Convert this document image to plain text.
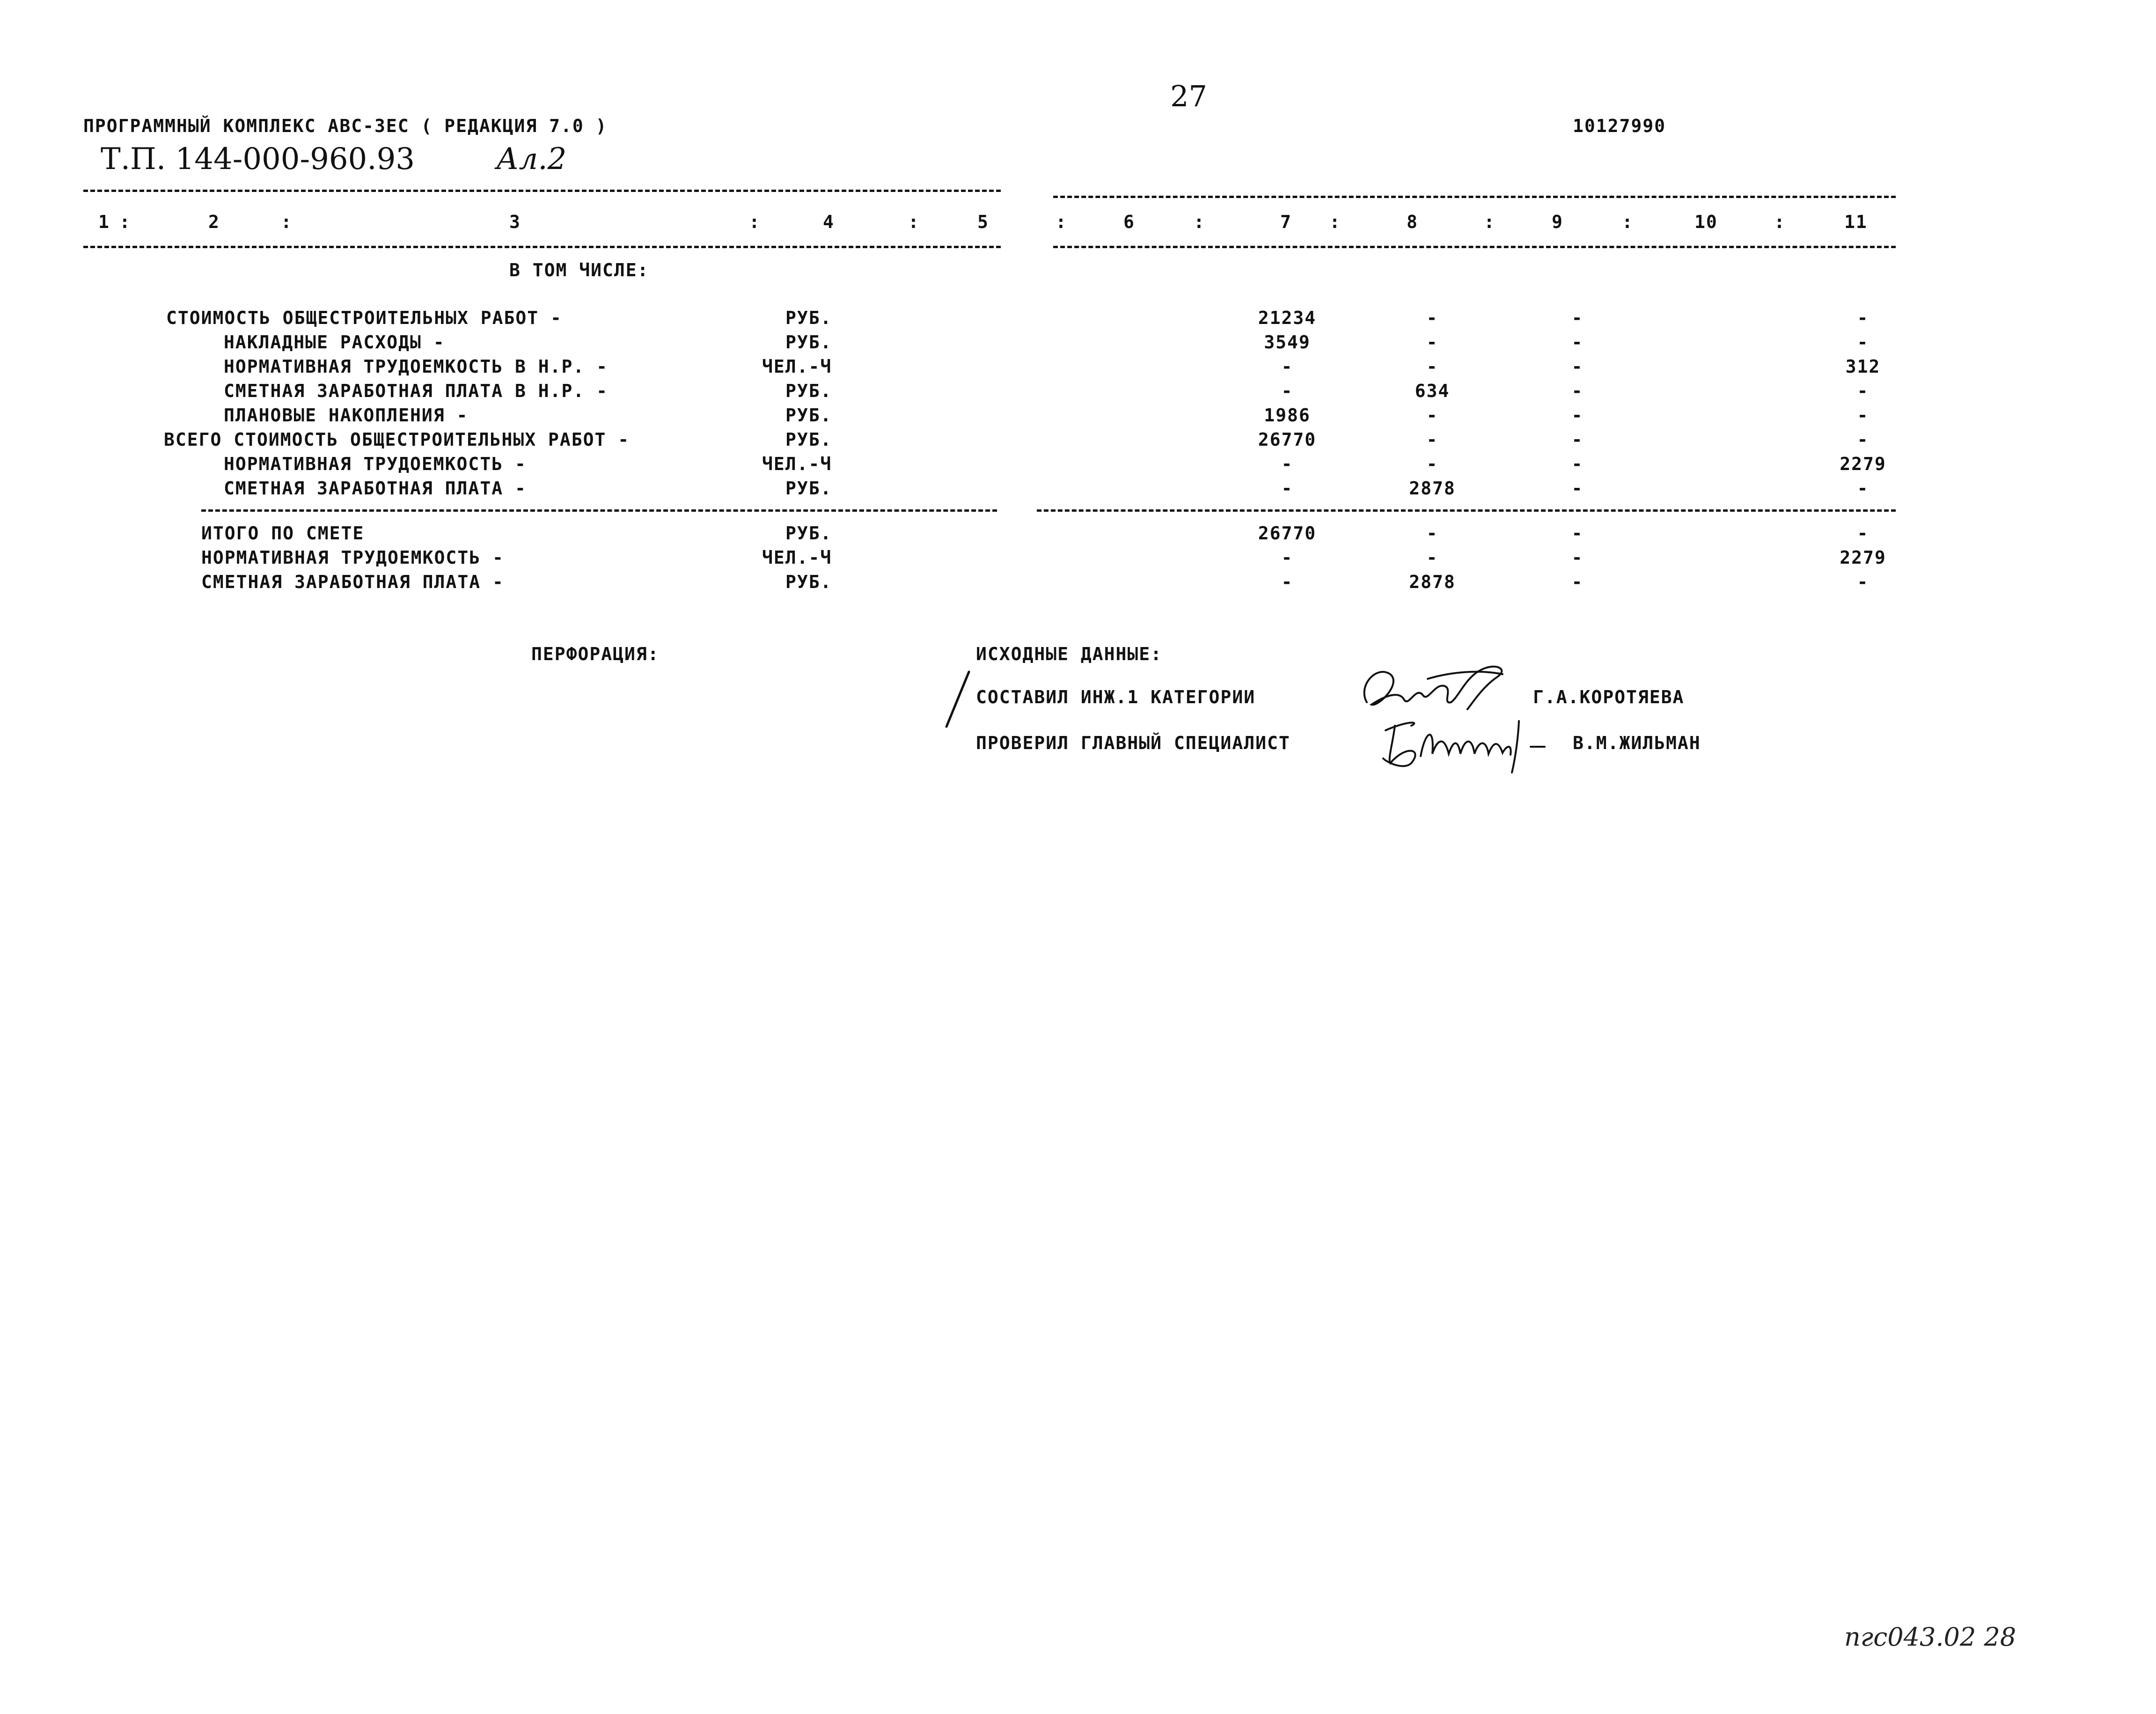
27
ПРОГРАММНЫЙ КОМПЛЕКС АВС-3ЕС ( РЕДАКЦИЯ 7.0 )	10127990
Т.П. 144-000-960.93	Ал.2
1	2	3	4	5	6	7	8	9	10	11
:	:	:	:	:	:	:	:	:	:
В ТОМ ЧИСЛЕ:
СТОИМОСТЬ ОБЩЕСТРОИТЕЛЬНЫХ РАБОТ -	РУБ.	21234	-	-	-
НАКЛАДНЫЕ РАСХОДЫ -	РУБ.	3549	-	-	-
НОРМАТИВНАЯ ТРУДОЕМКОСТЬ В Н.Р. -	ЧЕЛ.-Ч	-	-	-	312
СМЕТНАЯ ЗАРАБОТНАЯ ПЛАТА В Н.Р. -	РУБ.	-	634	-	-
ПЛАНОВЫЕ НАКОПЛЕНИЯ -	РУБ.	1986	-	-	-
ВСЕГО СТОИМОСТЬ ОБЩЕСТРОИТЕЛЬНЫХ РАБОТ -	РУБ.	26770	-	-	-
НОРМАТИВНАЯ ТРУДОЕМКОСТЬ -	ЧЕЛ.-Ч	-	-	-	2279
СМЕТНАЯ ЗАРАБОТНАЯ ПЛАТА -	РУБ.	-	2878	-	-
ИТОГО ПО СМЕТЕ	РУБ.	26770	-	-	-
НОРМАТИВНАЯ ТРУДОЕМКОСТЬ -	ЧЕЛ.-Ч	-	-	-	2279
СМЕТНАЯ ЗАРАБОТНАЯ ПЛАТА -	РУБ.	-	2878	-	-
ПЕРФОРАЦИЯ:	ИСХОДНЫЕ ДАННЫЕ:
СОСТАВИЛ ИНЖ.1 КАТЕГОРИИ	Г.А.КОРОТЯЕВА
ПРОВЕРИЛ ГЛАВНЫЙ СПЕЦИАЛИСТ	В.М.ЖИЛЬМАН
пгс043.02 28
